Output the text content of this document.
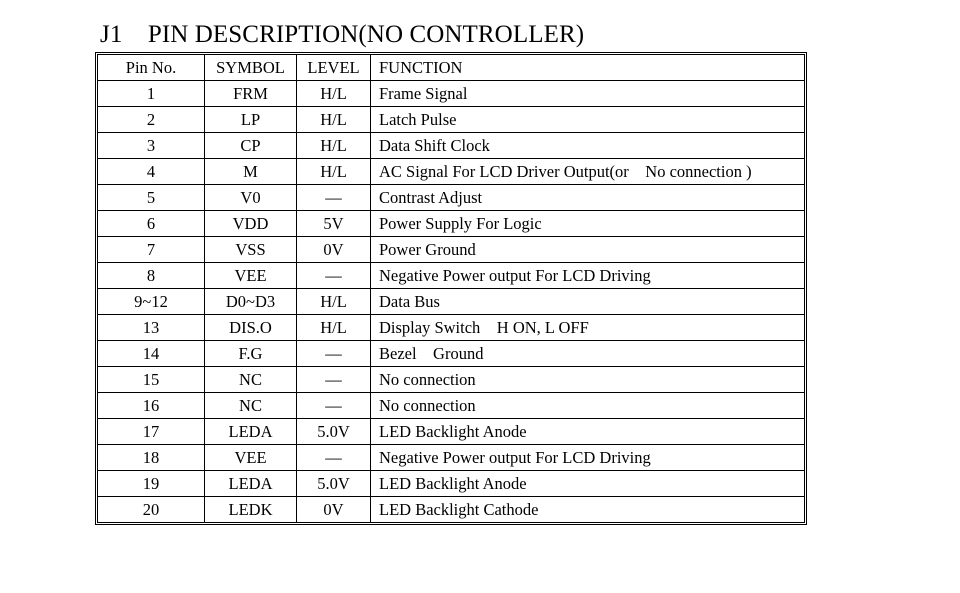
J1    PIN DESCRIPTION(NO CONTROLLER)
Pin No.	SYMBOL	LEVEL	FUNCTION
1	FRM	H/L	Frame Signal
2	LP	H/L	Latch Pulse
3	CP	H/L	Data Shift Clock
4	M	H/L	AC Signal For LCD Driver Output(or    No connection )
5	V0	—	Contrast Adjust
6	VDD	5V	Power Supply For Logic
7	VSS	0V	Power Ground
8	VEE	—	Negative Power output For LCD Driving
9~12	D0~D3	H/L	Data Bus
13	DIS.O	H/L	Display Switch    H ON, L OFF
14	F.G	—	Bezel    Ground
15	NC	—	No connection
16	NC	—	No connection
17	LEDA	5.0V	LED Backlight Anode
18	VEE	—	Negative Power output For LCD Driving
19	LEDA	5.0V	LED Backlight Anode
20	LEDK	0V	LED Backlight Cathode
